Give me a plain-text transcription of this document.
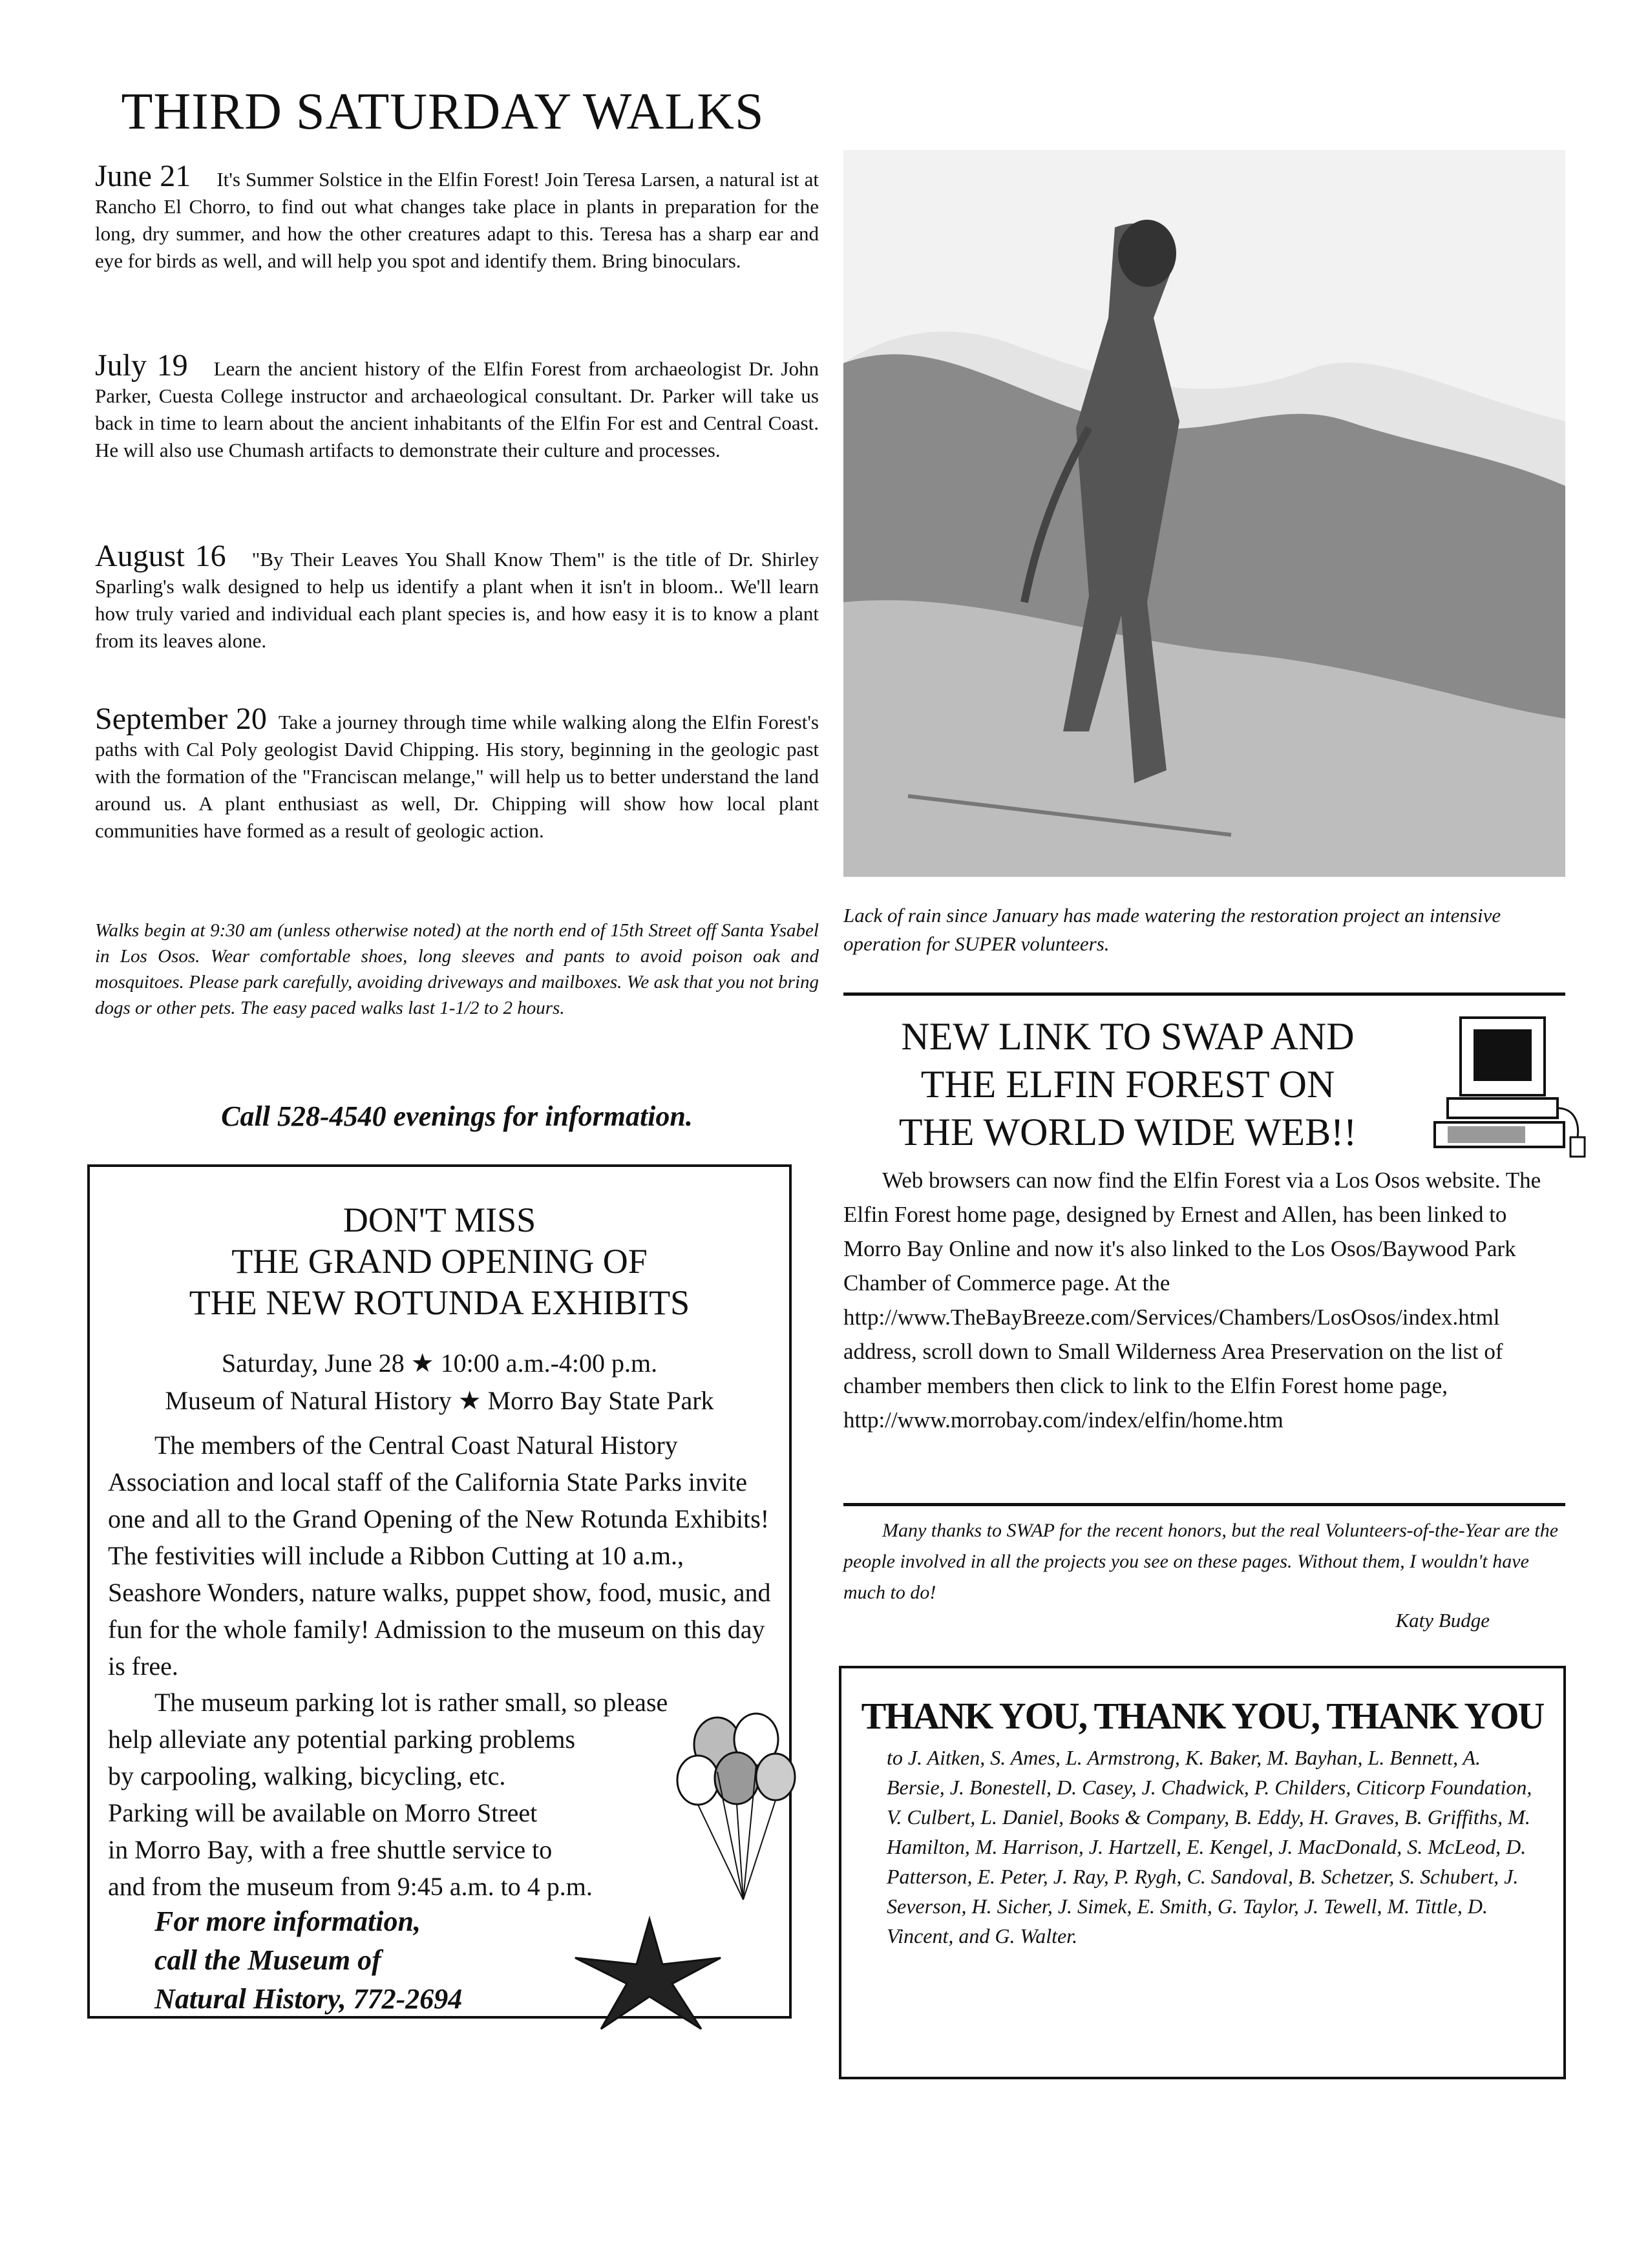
THIRD SATURDAY WALKS

June 21 It's Summer Solstice in the Elfin Forest! Join Teresa Larsen, a natural ist at Rancho El Chorro, to find out what changes take place in plants in preparation for the long, dry summer, and how the other creatures adapt to this. Teresa has a sharp ear and eye for birds as well, and will help you spot and identify them. Bring binoculars.

July 19 Learn the ancient history of the Elfin Forest from archaeologist Dr. John Parker, Cuesta College instructor and archaeological consultant. Dr. Parker will take us back in time to learn about the ancient inhabitants of the Elfin For est and Central Coast. He will also use Chumash artifacts to demonstrate their culture and processes.

August 16 "By Their Leaves You Shall Know Them" is the title of Dr. Shirley Sparling's walk designed to help us identify a plant when it isn't in bloom.. We'll learn how truly varied and individual each plant species is, and how easy it is to know a plant from its leaves alone.

September 20 Take a journey through time while walking along the Elfin Forest's paths with Cal Poly geologist David Chipping. His story, beginning in the geologic past with the formation of the "Franciscan melange," will help us to better understand the land around us. A plant enthusiast as well, Dr. Chipping will show how local plant communities have formed as a result of geologic action.

Walks begin at 9:30 am (unless otherwise noted) at the north end of 15th Street off Santa Ysabel in Los Osos. Wear comfortable shoes, long sleeves and pants to avoid poison oak and mosquitoes. Please park carefully, avoiding driveways and mailboxes. We ask that you not bring dogs or other pets. The easy paced walks last 1-1/2 to 2 hours.
Call 528-4540 evenings for information.
DON'T MISS
THE GRAND OPENING OF
THE NEW ROTUNDA EXHIBITS
Saturday, June 28 ★ 10:00 a.m.-4:00 p.m.
Museum of Natural History ★ Morro Bay State Park

The members of the Central Coast Natural History Association and local staff of the California State Parks invite one and all to the Grand Opening of the New Rotunda Exhibits! The festivities will include a Ribbon Cutting at 10 a.m., Seashore Wonders, nature walks, puppet show, food, music, and fun for the whole family! Admission to the museum on this day is free.

The museum parking lot is rather small, so please
help alleviate any potential parking problems
by carpooling, walking, bicycling, etc.
Parking will be available on Morro Street
in Morro Bay, with a free shuttle service to
and from the museum from 9:45 a.m. to 4 p.m.
For more information,
call the Museum of
Natural History, 772-2694
Lack of rain since January has made watering the restoration project an intensive operation for SUPER volunteers.
NEW LINK TO SWAP AND
THE ELFIN FOREST ON
THE WORLD WIDE WEB!!

Web browsers can now find the Elfin Forest via a Los Osos website. The Elfin Forest home page, designed by Ernest and Allen, has been linked to Morro Bay Online and now it's also linked to the Los Osos/Baywood Park Chamber of Commerce page. At the http://www.TheBayBreeze.com/Services/Chambers/LosOsos/index.html address, scroll down to Small Wilderness Area Preservation on the list of chamber members then click to link to the Elfin Forest home page, http://www.morrobay.com/index/elfin/home.htm

Many thanks to SWAP for the recent honors, but the real Volunteers-of-the-Year are the people involved in all the projects you see on these pages. Without them, I wouldn't have much to do!
Katy Budge
THANK YOU, THANK YOU, THANK YOU
to J. Aitken, S. Ames, L. Armstrong, K. Baker, M. Bayhan, L. Bennett, A. Bersie, J. Bonestell, D. Casey, J. Chadwick, P. Childers, Citicorp Foundation, V. Culbert, L. Daniel, Books & Company, B. Eddy, H. Graves, B. Griffiths, M. Hamilton, M. Harrison, J. Hartzell, E. Kengel, J. MacDonald, S. McLeod, D. Patterson, E. Peter, J. Ray, P. Rygh, C. Sandoval, B. Schetzer, S. Schubert, J. Severson, H. Sicher, J. Simek, E. Smith, G. Taylor, J. Tewell, M. Tittle, D. Vincent, and G. Walter.
